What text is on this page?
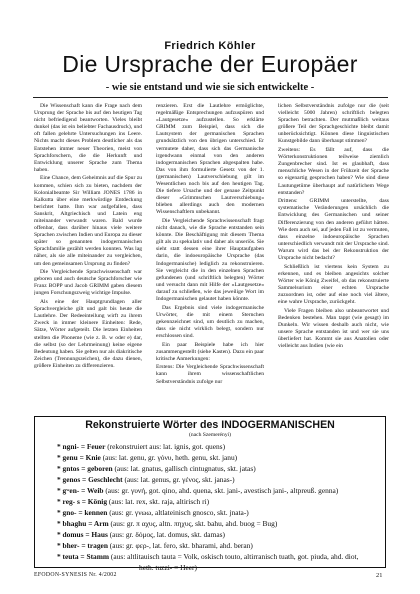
Friedrich Köhler
Die Ursprache der Europäer
- wie sie entstand und wie sie sich entwickelte -

Die Wissenschaft kann die Frage nach dem Ursprung der Sprache bis auf den heutigen Tag nicht befriedigend beantworten. Vieles bleibt dunkel (das ist ein beliebter Fachausdruck), und oft fallen gelehrte Untersuchungen ins Leere. Nichts macht dieses Problem deutlicher als das Entstehen immer neuer Theorien, meist von Sprachforschern, die die Herkunft und Entwicklung unserer Sprache zum Thema haben.

Eine Chance, dem Geheimnis auf die Spur zu kommen, schien sich zu bieten, nachdem der Kolonialbeamte Sir William JONES 1786 in Kalkutta über eine merkwürdige Entdeckung berichtet hatte. Ihm war aufgefallen, dass Sanskrit, Altgriechisch und Latein eng miteinander verwandt waren. Bald wurde offenbar, dass darüber hinaus viele weitere Sprachen zwischen Indien und Europa zu dieser später so genannten indogermanischen Sprachfamilie gezählt werden konnten. Was lag näher, als sie alle miteinander zu vergleichen, um den gemeinsamen Ursprung zu finden?

Die Vergleichende Sprachwissenschaft war geboren und auch deutsche Sprachforscher wie Franz BOPP und Jacob GRIMM gaben diesem jungen Forschungszweig wichtige Impulse.

Als eine der Hauptgrundlagen aller Sprachvergleiche gilt und galt bis heute die Lautlehre. Der Redeeinteilung wirft zu ihrem Zweck in immer kleinere Einheiten: Rede, Sätze, Wörter aufgeteilt. Die letzten Einheiten stellten die Phoneme (wie z. B. w oder e) dar, die selbst (so der Lehrmeinung) keine eigene Bedeutung haben. Sie gelten nur als diakritische Zeichen (Trennungszeichen), die dazu dienen, größere Einheiten zu differenzieren.

renzieren. Erst die Lautlehre ermöglichte, regelmäßige Entsprechungen aufzuspüren und »Lautgesetze« aufzustellen. So erklärte GRIMM zum Beispiel, dass sich die Lautsystem der germanischen Sprachen grundsätzlich von den übrigen unterschied. Er vermutete daher, dass sich das Germanische irgendwann einmal von den anderen indogermanischen Sprachen abgespalten habe. Das von ihm formulierte Gesetz von der 1. (germanischen) Lautverschiebung gilt im Wesentlichen noch bis auf den heutigen Tag. Die tiefere Ursache und der genaue Zeitpunkt dieser »Grimmschen Lautverschiebung« blieben allerdings auch den modernen Wissenschaftlern unbekannt.

Die Vergleichende Sprachwissenschaft fragt nicht danach, wie die Sprache entstanden sein könnte. Die Beschäftigung mit diesem Thema gilt als zu spekulativ und daher als unseriös. Sie sieht statt dessen eine ihrer Hauptaufgaben darin, die indoeuropäische Ursprache (das Indogermanische) lediglich zu rekonstruieren. Sie vergleicht die in den einzelnen Sprachen gefundenen (und schriftlich belegten) Wörter und versucht dann mit Hilfe der »Lautgesetze« darauf zu schließen, wie das jeweilige Wort im Indogermanischen gelautet haben könnte.

Das Ergebnis sind viele indogermanische Urwörter, die mit einem Sternchen gekennzeichnet sind, um deutlich zu machen, dass sie nicht wirklich belegt, sondern nur erschlossen sind.

Ein paar Beispiele habe ich hier zusammengestellt (siehe Kasten). Dazu ein paar kritische Anmerkungen:

Erstens: Die Vergleichende Sprachwissenschaft kann ihrem wissenschaftlichen Selbstverständnis zufolge nur

lichen Selbstverständnis zufolge nur die (seit vielleicht 5000 Jahren) schriftlich belegten Sprachen betrachten. Der mutmaßlich weitaus größere Teil der Sprachgeschichte bleibt damit unberücksichtigt. Können diese linguistischen Kunstgebilde dann überhaupt stimmen?

Zweitens: Es fällt auf, dass die Wörterkonstruktionen teilweise ziemlich Zungenbrecher sind. Ist es glaubhaft, dass menschliche Wesen in der Frühzeit der Sprache so eigenartig gesprochen haben? Wie sind diese Lautungetüme überhaupt auf natürlichem Wege entstanden?

Drittens: GRIMM unterstellte, dass systematische Veränderungen ursächlich die Entwicklung des Germanischen und seiner Differenzierung von den anderen geführt hätten. Wie dem auch sei, auf jeden Fall ist zu vermuten, dass einzelne indoeuropäische Sprachen unterschiedlich verwandt mit der Ursprache sind. Warum wird das bei der Rekonstruktion der Ursprache nicht bedacht?

Schließlich ist viertens kein System zu erkennen, und es bleiben angesichts solcher Wörter wie König Zweifel, ob das rekonstruierte Sammelsurium einer echten Ursprache zuzuordnen ist, oder auf eine noch viel ältere, eine wahre Ursprache, zurückgeht.

Viele Fragen bleiben also unbeantwortet und Bedenken bestehen. Man tappt (wie gesagt) im Dunkeln. Wir wissen deshalb auch nicht, wie unsere Sprache entstanden ist und wer sie uns überliefert hat. Kommt sie aus Anatolien oder vielleicht aus Indien (wie ein

Rekonstruierte Wörter des INDOGERMANISCHEN
(nach Szemerényi)
* ngni- = Feuer (rekonstruiert aus: lat. ignis, got. quens)
* genu = Knie (aus: lat. genu, gr. γόνυ, heth. genu, skt. janu)
* gntos = geboren (aus: lat. gnatus, gallisch cintugnatus, skt. jatas)
* genos = Geschlecht (aus: lat. genus, gr. γένος, skt. janas-)
* gʷen- = Weib (aus: gr. γυνή, got. qino, ahd. quena, skt. jani-, avestisch jani-, altpreuß. genna)
* reg- s = König (aus: lat. rex, skt. raja, altirisch ri)
* gno- = kennen (aus: gr. γνωω, altlateinisch gnosco, skt. jnata-)
* bhaghu = Arm (aus: gr. π αχυς, altn. πηχυς, skt. bahu, ahd. buog = Bug)
* domus = Haus (aus: gr. δόμος, lat. domus, skt. damas)
* bher- = tragen (aus: gr. φερ-, lat. fero, skt. bharami, ahd. beran)
* teuta = Stamm (aus: altlitauisch tauta = Volk, oskisch touto, altirranisch tuath, got. piuda, ahd. diot,
heth. tuzzi- = Heer)
EFODON-SYNESIS Nr. 4/2002	21
